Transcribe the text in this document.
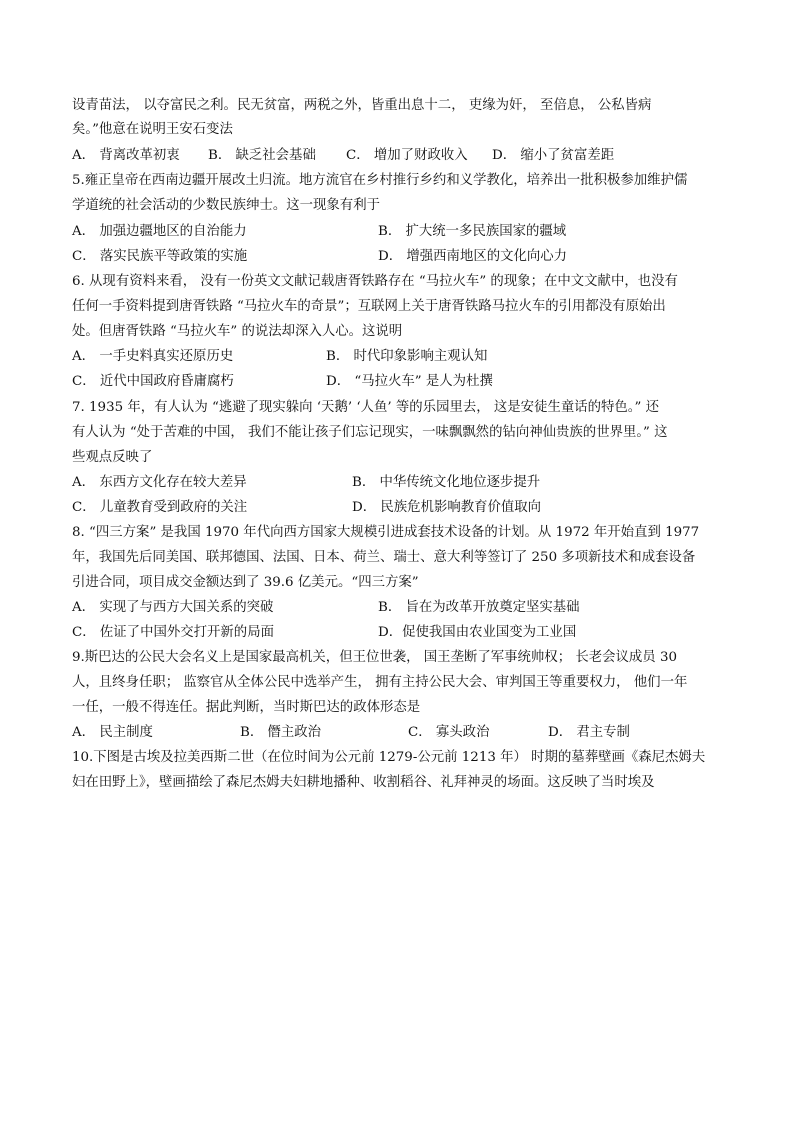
设青苗法， 以夺富民之利。民无贫富，两税之外，皆重出息十二， 吏缘为奸， 至倍息， 公私皆病
矣。”他意在说明王安石变法
A． 背离改革初衷 B． 缺乏社会基础 C． 增加了财政收入 D． 缩小了贫富差距
5.雍正皇帝在西南边疆开展改土归流。地方流官在乡村推行乡约和义学教化，培养出一批积极参加维护儒
学道统的社会活动的少数民族绅士。这一现象有利于
A． 加强边疆地区的自治能力	B． 扩大统一多民族国家的疆域
C． 落实民族平等政策的实施	D． 增强西南地区的文化向心力
6. 从现有资料来看， 没有一份英文文献记载唐胥铁路存在 “马拉火车” 的现象；在中文文献中，也没有
任何一手资料提到唐胥铁路 “马拉火车的奇景”；互联网上关于唐胥铁路马拉火车的引用都没有原始出
处。但唐胥铁路 “马拉火车” 的说法却深入人心。这说明
A． 一手史料真实还原历史	B． 时代印象影响主观认知
C． 近代中国政府昏庸腐朽	D． “马拉火车” 是人为杜撰
7. 1935 年，有人认为 “逃避了现实躲向 ‘天鹅’ ‘人鱼’ 等的乐园里去， 这是安徒生童话的特色。” 还
有人认为 “处于苦难的中国， 我们不能让孩子们忘记现实，一味飘飘然的钻向神仙贵族的世界里。” 这
些观点反映了
A． 东西方文化存在较大差异	B． 中华传统文化地位逐步提升
C． 儿童教育受到政府的关注	D． 民族危机影响教育价值取向
8. “四三方案” 是我国 1970 年代向西方国家大规模引进成套技术设备的计划。从 1972 年开始直到 1977
年，我国先后同美国、联邦德国、法国、日本、荷兰、瑞士、意大利等签订了 250 多项新技术和成套设备
引进合同，项目成交金额达到了 39.6 亿美元。“四三方案”
A． 实现了与西方大国关系的突破	B． 旨在为改革开放奠定坚实基础
C． 佐证了中国外交打开新的局面	D．促使我国由农业国变为工业国
9.斯巴达的公民大会名义上是国家最高机关，但王位世袭， 国王垄断了军事统帅权； 长老会议成员 30
人，且终身任职； 监察官从全体公民中选举产生， 拥有主持公民大会、审判国王等重要权力， 他们一年
一任，一般不得连任。据此判断，当时斯巴达的政体形态是
A． 民主制度	B． 僭主政治	C． 寡头政治	D． 君主专制
10.下图是古埃及拉美西斯二世（在位时间为公元前 1279-公元前 1213 年） 时期的墓葬壁画《森尼杰姆夫
妇在田野上》，壁画描绘了森尼杰姆夫妇耕地播种、收割稻谷、礼拜神灵的场面。这反映了当时埃及
